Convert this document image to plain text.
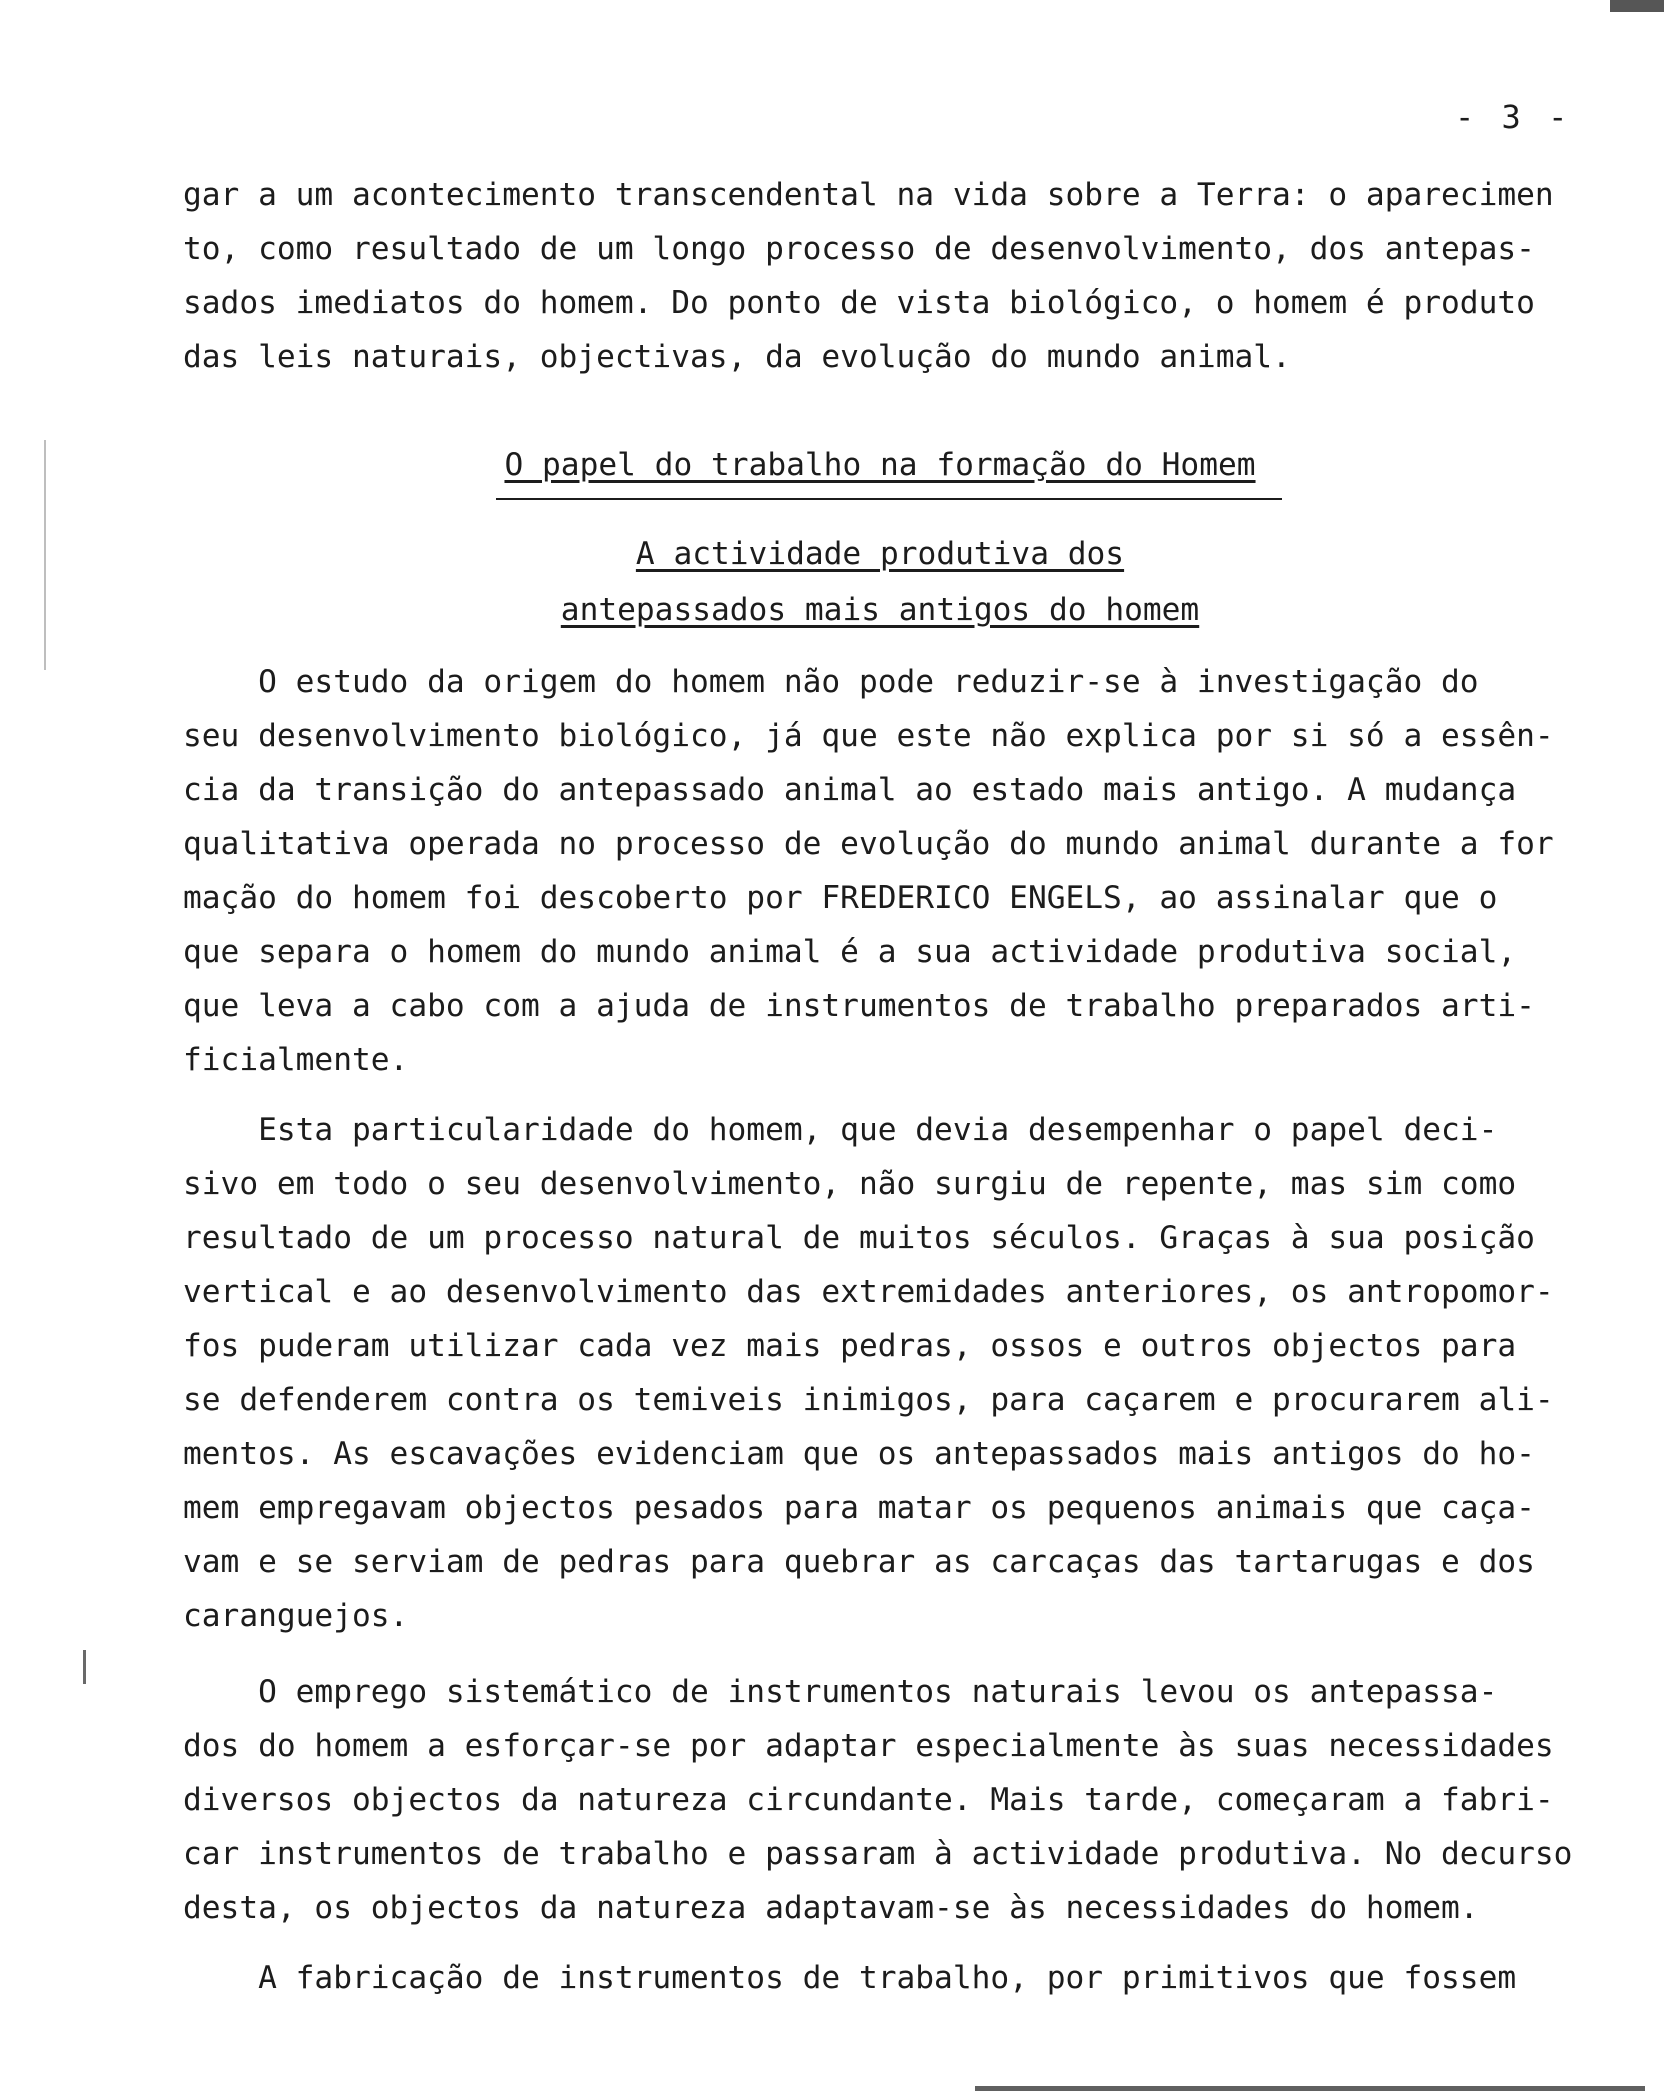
- 3 -
gar a um acontecimento transcendental na vida sobre a Terra: o aparecimen
to, como resultado de um longo processo de desenvolvimento, dos antepas-
sados imediatos do homem. Do ponto de vista biológico, o homem é produto
das leis naturais, objectivas, da evolução do mundo animal.
O papel do trabalho na formação do Homem
A actividade produtiva dos
antepassados mais antigos do homem
O estudo da origem do homem não pode reduzir-se à investigação do
seu desenvolvimento biológico, já que este não explica por si só a essên-
cia da transição do antepassado animal ao estado mais antigo. A mudança
qualitativa operada no processo de evolução do mundo animal durante a for
mação do homem foi descoberto por FREDERICO ENGELS, ao assinalar que o
que separa o homem do mundo animal é a sua actividade produtiva social,
que leva a cabo com a ajuda de instrumentos de trabalho preparados arti-
ficialmente.
Esta particularidade do homem, que devia desempenhar o papel deci-
sivo em todo o seu desenvolvimento, não surgiu de repente, mas sim como
resultado de um processo natural de muitos séculos. Graças à sua posição
vertical e ao desenvolvimento das extremidades anteriores, os antropomor-
fos puderam utilizar cada vez mais pedras, ossos e outros objectos para
se defenderem contra os temiveis inimigos, para caçarem e procurarem ali-
mentos. As escavações evidenciam que os antepassados mais antigos do ho-
mem empregavam objectos pesados para matar os pequenos animais que caça-
vam e se serviam de pedras para quebrar as carcaças das tartarugas e dos
caranguejos.
O emprego sistemático de instrumentos naturais levou os antepassa-
dos do homem a esforçar-se por adaptar especialmente às suas necessidades
diversos objectos da natureza circundante. Mais tarde, começaram a fabri-
car instrumentos de trabalho e passaram à actividade produtiva. No decurso
desta, os objectos da natureza adaptavam-se às necessidades do homem.
A fabricação de instrumentos de trabalho, por primitivos que fossem
